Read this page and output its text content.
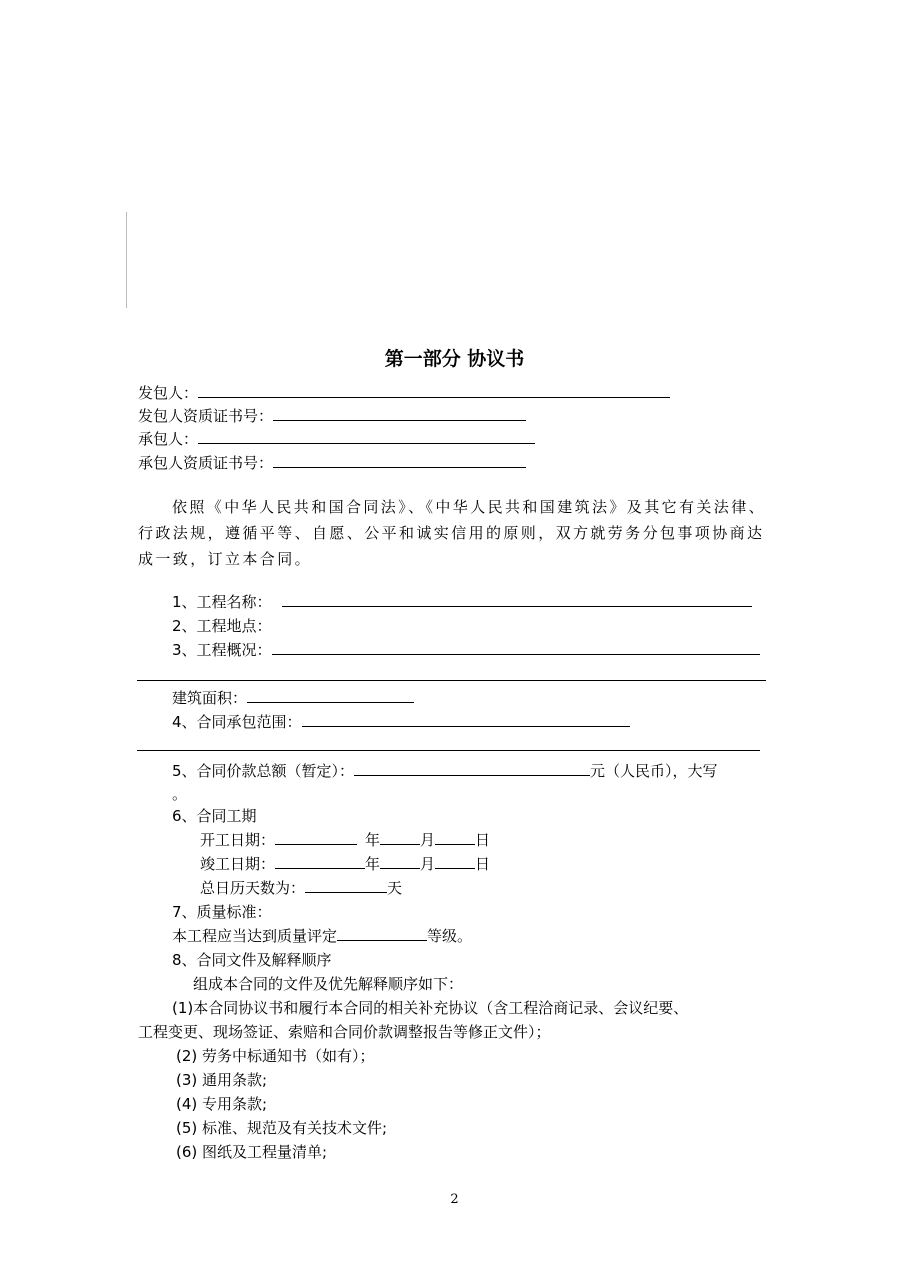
第一部分 协议书
发包人：
发包人资质证书号：
承包人：
承包人资质证书号：
依照《中华人民共和国合同法》、《中华人民共和国建筑法》及其它有关法律、行政法规，遵循平等、自愿、公平和诚实信用的原则，双方就劳务分包事项协商达成一致，订立本合同。
1、工程名称：
2、工程地点：
3、工程概况：
建筑面积：
4、合同承包范围：
5、合同价款总额（暂定）：	元（人民币），大写
。
6、合同工期
开工日期：	年	月	日
竣工日期：	年	月	日
总日历天数为：	天
7、质量标准：
本工程应当达到质量评定	等级。
8、合同文件及解释顺序
组成本合同的文件及优先解释顺序如下：
(1)本合同协议书和履行本合同的相关补充协议（含工程洽商记录、会议纪要、
工程变更、现场签证、索赔和合同价款调整报告等修正文件）；
(2) 劳务中标通知书（如有）；
(3) 通用条款;
(4) 专用条款;
(5) 标准、规范及有关技术文件;
(6) 图纸及工程量清单;
2
